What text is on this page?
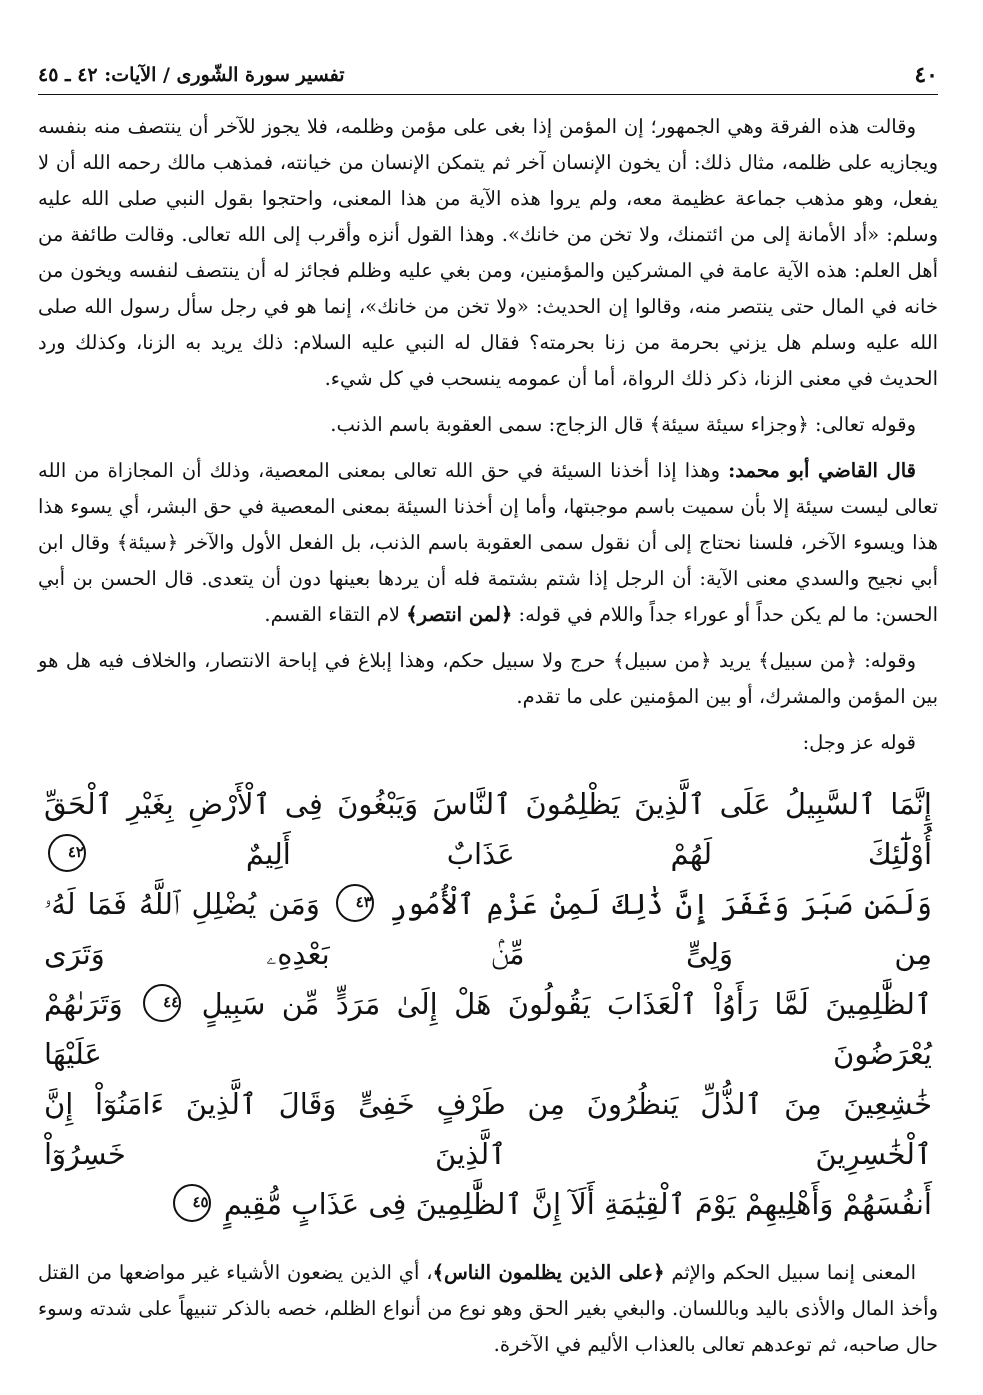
٤٠
تفسير سورة الشّورى / الآيات: ٤٢ ـ ٤٥

وقالت هذه الفرقة وهي الجمهور؛ إن المؤمن إذا بغى على مؤمن وظلمه، فلا يجوز للآخر أن ينتصف منه بنفسه ويجازيه على ظلمه، مثال ذلك: أن يخون الإنسان آخر ثم يتمكن الإنسان من خيانته، فمذهب مالك رحمه الله أن لا يفعل، وهو مذهب جماعة عظيمة معه، ولم يروا هذه الآية من هذا المعنى، واحتجوا بقول النبي صلى الله عليه وسلم: «أد الأمانة إلى من ائتمنك، ولا تخن من خانك». وهذا القول أنزه وأقرب إلى الله تعالى. وقالت طائفة من أهل العلم: هذه الآية عامة في المشركين والمؤمنين، ومن بغي عليه وظلم فجائز له أن ينتصف لنفسه ويخون من خانه في المال حتى ينتصر منه، وقالوا إن الحديث: «ولا تخن من خانك»، إنما هو في رجل سأل رسول الله صلى الله عليه وسلم هل يزني بحرمة من زنا بحرمته؟ فقال له النبي عليه السلام: ذلك يريد به الزنا، وكذلك ورد الحديث في معنى الزنا، ذكر ذلك الرواة، أما أن عمومه ينسحب في كل شيء.

وقوله تعالى: ﴿وجزاء سيئة سيئة﴾ قال الزجاج: سمى العقوبة باسم الذنب.

قال القاضي أبو محمد: وهذا إذا أخذنا السيئة في حق الله تعالى بمعنى المعصية، وذلك أن المجازاة من الله تعالى ليست سيئة إلا بأن سميت باسم موجبتها، وأما إن أخذنا السيئة بمعنى المعصية في حق البشر، أي يسوء هذا هذا ويسوء الآخر، فلسنا نحتاج إلى أن نقول سمى العقوبة باسم الذنب، بل الفعل الأول والآخر ﴿سيئة﴾ وقال ابن أبي نجيح والسدي معنى الآية: أن الرجل إذا شتم بشتمة فله أن يردها بعينها دون أن يتعدى. قال الحسن بن أبي الحسن: ما لم يكن حداً أو عوراء جداً واللام في قوله: ﴿لمن انتصر﴾ لام التقاء القسم.

وقوله: ﴿من سبيل﴾ يريد ﴿من سبيل﴾ حرج ولا سبيل حكم، وهذا إبلاغ في إباحة الانتصار، والخلاف فيه هل هو بين المؤمن والمشرك، أو بين المؤمنين على ما تقدم.

قوله عز وجل:

إِنَّمَا ٱلسَّبِيلُ عَلَى ٱلَّذِينَ يَظْلِمُونَ ٱلنَّاسَ وَيَبْغُونَ فِى ٱلْأَرْضِ بِغَيْرِ ٱلْحَقِّ أُوْلَٰٓئِكَ لَهُمْ عَذَابٌ أَلِيمٌ ٤٢

وَلَمَن صَبَرَ وَغَفَرَ إِنَّ ذَٰلِكَ لَمِنْ عَزْمِ ٱلْأُمُورِ ٤٣ وَمَن يُضْلِلِ ٱللَّهُ فَمَا لَهُۥ مِن وَلِىٍّ مِّنۢ بَعْدِهِۦ وَتَرَى

ٱلظَّٰلِمِينَ لَمَّا رَأَوُاْ ٱلْعَذَابَ يَقُولُونَ هَلْ إِلَىٰ مَرَدٍّ مِّن سَبِيلٍ ٤٤ وَتَرَىٰهُمْ يُعْرَضُونَ عَلَيْهَا

خَٰشِعِينَ مِنَ ٱلذُّلِّ يَنظُرُونَ مِن طَرْفٍ خَفِىٍّ وَقَالَ ٱلَّذِينَ ءَامَنُوٓاْ إِنَّ ٱلْخَٰسِرِينَ ٱلَّذِينَ خَسِرُوٓاْ

أَنفُسَهُمْ وَأَهْلِيهِمْ يَوْمَ ٱلْقِيَٰمَةِ أَلَآ إِنَّ ٱلظَّٰلِمِينَ فِى عَذَابٍ مُّقِيمٍ ٤٥

المعنى إنما سبيل الحكم والإثم ﴿على الذين يظلمون الناس﴾، أي الذين يضعون الأشياء غير مواضعها من القتل وأخذ المال والأذى باليد وباللسان. والبغي بغير الحق وهو نوع من أنواع الظلم، خصه بالذكر تنبيهاً على شدته وسوء حال صاحبه، ثم توعدهم تعالى بالعذاب الأليم في الآخرة.
